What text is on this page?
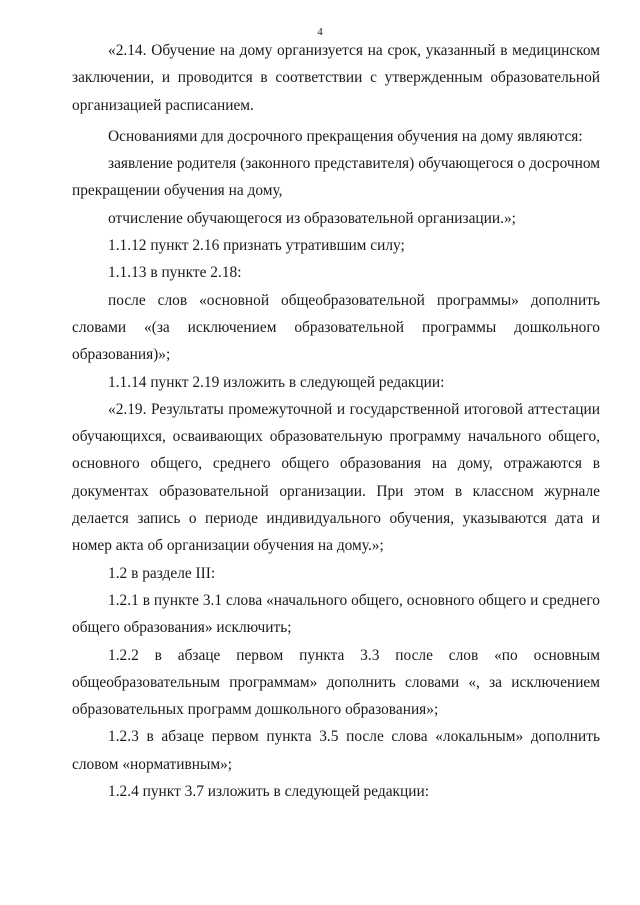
4

«2.14. Обучение на дому организуется на срок, указанный в медицинском заключении, и проводится в соответствии с утвержденным образовательной организацией расписанием.

Основаниями для досрочного прекращения обучения на дому являются:

заявление родителя (законного представителя) обучающегося о досрочном прекращении обучения на дому,

отчисление обучающегося из образовательной организации.»;

1.1.12 пункт 2.16 признать утратившим силу;

1.1.13 в пункте 2.18:

после слов «основной общеобразовательной программы» дополнить словами «(за исключением образовательной программы дошкольного образования)»;

1.1.14 пункт 2.19 изложить в следующей редакции:

«2.19. Результаты промежуточной и государственной итоговой аттестации обучающихся, осваивающих образовательную программу начального общего, основного общего, среднего общего образования на дому, отражаются в документах образовательной организации. При этом в классном журнале делается запись о периоде индивидуального обучения, указываются дата и номер акта об организации обучения на дому.»;

1.2 в разделе III:

1.2.1 в пункте 3.1 слова «начального общего, основного общего и среднего общего образования» исключить;

1.2.2 в абзаце первом пункта 3.3 после слов «по основным общеобразовательным программам» дополнить словами «, за исключением образовательных программ дошкольного образования»;

1.2.3 в абзаце первом пункта 3.5 после слова «локальным» дополнить словом «нормативным»;

1.2.4 пункт 3.7 изложить в следующей редакции:
